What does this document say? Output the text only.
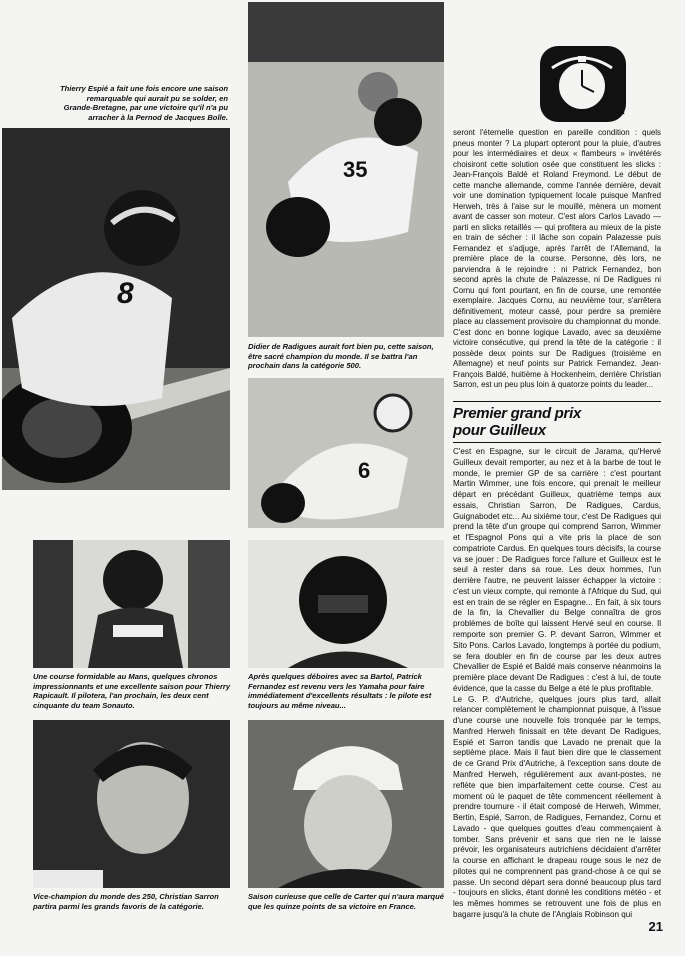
8
35
6
Thierry Espié a fait une fois encore une saison remarquable qui aurait pu se solder, en Grande-Bretagne, par une victoire qu'il n'a pu arracher à la Pernod de Jacques Bolle.
Didier de Radigues aurait fort bien pu, cette saison, être sacré champion du monde. Il se battra l'an prochain dans la catégorie 500.
Une course formidable au Mans, quelques chronos impressionnants et une excellente saison pour Thierry Rapicault. Il pilotera, l'an prochain, les deux cent cinquante du team Sonauto.
Après quelques déboires avec sa Bartol, Patrick Fernandez est revenu vers les Yamaha pour faire immédiatement d'excellents résultats : le pilote est toujours au même niveau...
Vice-champion du monde des 250, Christian Sarron partira parmi les grands favoris de la catégorie.
Saison curieuse que celle de Carter qui n'aura marqué que les quinze points de sa victoire en France.
sport
seront l'éternelle question en pareille condition : quels pneus monter ? La plupart opteront pour la pluie, d'autres pour les intermédiaires et deux « flambeurs » invétérés choisiront cette solution osée que constituent les slicks : Jean-François Baldé et Roland Freymond. Le début de cette manche allemande, comme l'année dernière, devait voir une domination typiquement locale puisque Manfred Herweh, très à l'aise sur le mouillé, mènera un moment avant de casser son moteur. C'est alors Carlos Lavado — parti en slicks retaillés — qui profitera au mieux de la piste en train de sécher : il lâche son copain Palazesse puis Fernandez et s'adjuge, après l'arrêt de l'Allemand, la première place de la course. Personne, dès lors, ne parviendra à le rejoindre : ni Patrick Fernandez, bon second après la chute de Palazesse, ni De Radigues ni Cornu qui font pourtant, en fin de course, une remontée exemplaire. Jacques Cornu, au neuvième tour, s'arrêtera définitivement, moteur cassé, pour perdre sa première place au classement provisoire du championnat du monde. C'est donc en bonne logique Lavado, avec sa deuxième victoire consécutive, qui prend la tête de la catégorie : il possède deux points sur De Radigues (troisième en Allemagne) et neuf points sur Patrick Fernandez. Jean-François Baldé, huitième à Hockenheim, derrière Christian Sarron, est un peu plus loin à quatorze points du leader...
Premier grand prix
pour Guilleux
C'est en Espagne, sur le circuit de Jarama, qu'Hervé Guilleux devait remporter, au nez et à la barbe de tout le monde, le premier GP de sa carrière : c'est pourtant Martin Wimmer, une fois encore, qui prenait le meilleur départ en précédant Guilleux, quatrième temps aux essais, Christian Sarron, De Radigues, Cardus, Guignabodet etc... Au sixième tour, c'est De Radigues qui prend la tête d'un groupe qui comprend Sarron, Wimmer et l'Espagnol Pons qui a vite pris la place de son compatriote Cardus. En quelques tours décisifs, la course va se jouer : De Radigues force l'allure et Guilleux est le seul à rester dans sa roue. Les deux hommes, l'un derrière l'autre, ne peuvent laisser échapper la victoire : c'est un vieux compte, qui remonte à l'Afrique du Sud, qui est en train de se régler en Espagne... En fait, à six tours de la fin, la Chevallier du Belge connaîtra de gros problèmes de boîte qui laissent Hervé seul en course. Il remporte son premier G. P. devant Sarron, Wimmer et Sito Pons. Carlos Lavado, longtemps à portée du podium, se fera doubler en fin de course par les deux autres Chevallier de Espié et Baldé mais conserve néanmoins la première place devant De Radigues : c'est à lui, de toute évidence, que la casse du Belge a été le plus profitable.
Le G. P. d'Autriche, quelques jours plus tard, allait relancer complètement le championnat puisque, à l'issue d'une course une nouvelle fois tronquée par le temps, Manfred Herweh finissait en tête devant De Radigues, Espié et Sarron tandis que Lavado ne prenait que la septième place. Mais il faut bien dire que le classement de ce Grand Prix d'Autriche, à l'exception sans doute de Manfred Herweh, régulièrement aux avant-postes, ne reflète que bien imparfaitement cette course. C'est au moment où le paquet de tête commencent réellement à prendre tournure - il était composé de Herweh, Wimmer, Bertin, Espié, Sarron, de Radigues, Fernandez, Cornu et Lavado - que quelques gouttes d'eau commençaient à tomber. Sans prévenir et sans que rien ne le laisse prévoir, les organisateurs autrichiens décidaient d'arrêter la course en affichant le drapeau rouge sous le nez de pilotes qui ne comprennent pas grand-chose à ce qui se passe. Un second départ sera donné beaucoup plus tard - toujours en slicks, étant donné les conditions météo - et les mêmes hommes se retrouvent une fois de plus en bagarre jusqu'à la chute de l'Anglais Robinson qui
21
